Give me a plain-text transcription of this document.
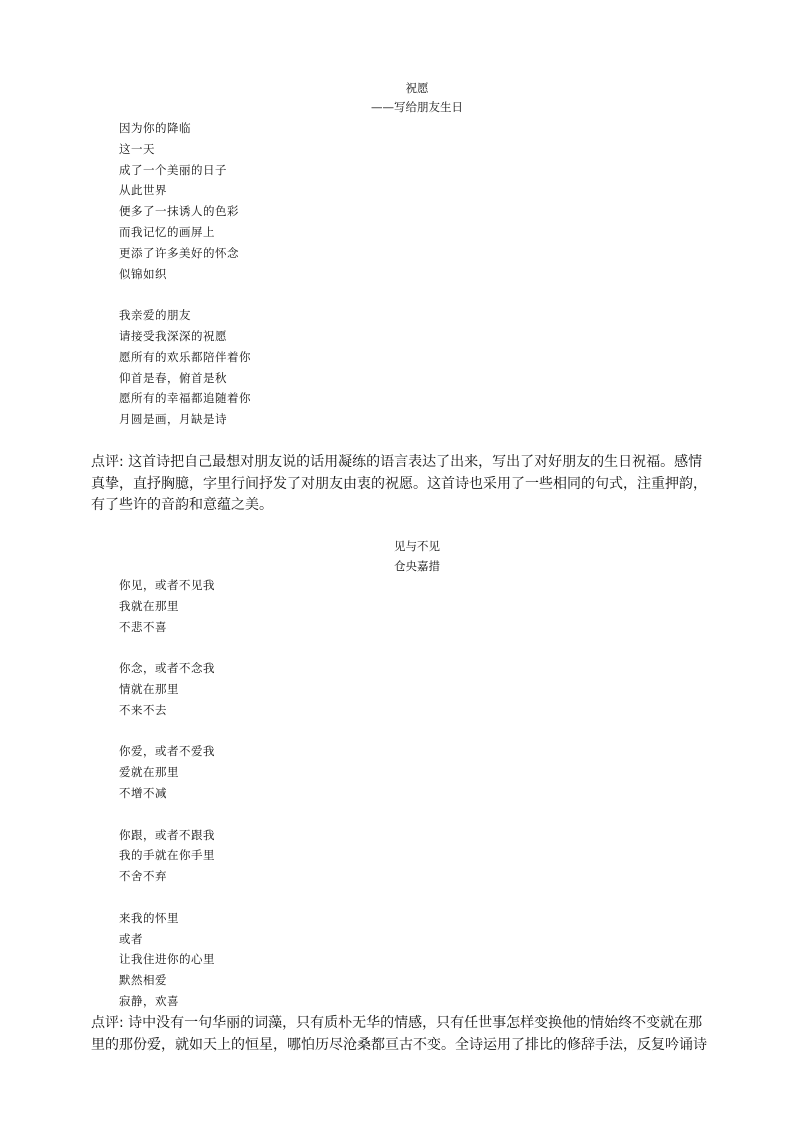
祝愿
——写给朋友生日
因为你的降临
这一天
成了一个美丽的日子
从此世界
便多了一抹诱人的色彩
而我记忆的画屏上
更添了许多美好的怀念
似锦如织
我亲爱的朋友
请接受我深深的祝愿
愿所有的欢乐都陪伴着你
仰首是春，俯首是秋
愿所有的幸福都追随着你
月圆是画，月缺是诗
点评: 这首诗把自己最想对朋友说的话用凝练的语言表达了出来，写出了对好朋友的生日祝福。感情真挚，直抒胸臆，字里行间抒发了对朋友由衷的祝愿。这首诗也采用了一些相同的句式，注重押韵，有了些许的音韵和意蕴之美。
见与不见
仓央嘉措
你见，或者不见我
我就在那里
不悲不喜
你念，或者不念我
情就在那里
不来不去
你爱，或者不爱我
爱就在那里
不增不减
你跟，或者不跟我
我的手就在你手里
不舍不弃
来我的怀里
或者
让我住进你的心里
默然相爱
寂静，欢喜
点评: 诗中没有一句华丽的词藻，只有质朴无华的情感，只有任世事怎样变换他的情始终不变就在那里的那份爱，就如天上的恒星，哪怕历尽沧桑都亘古不变。全诗运用了排比的修辞手法，反复吟诵诗
